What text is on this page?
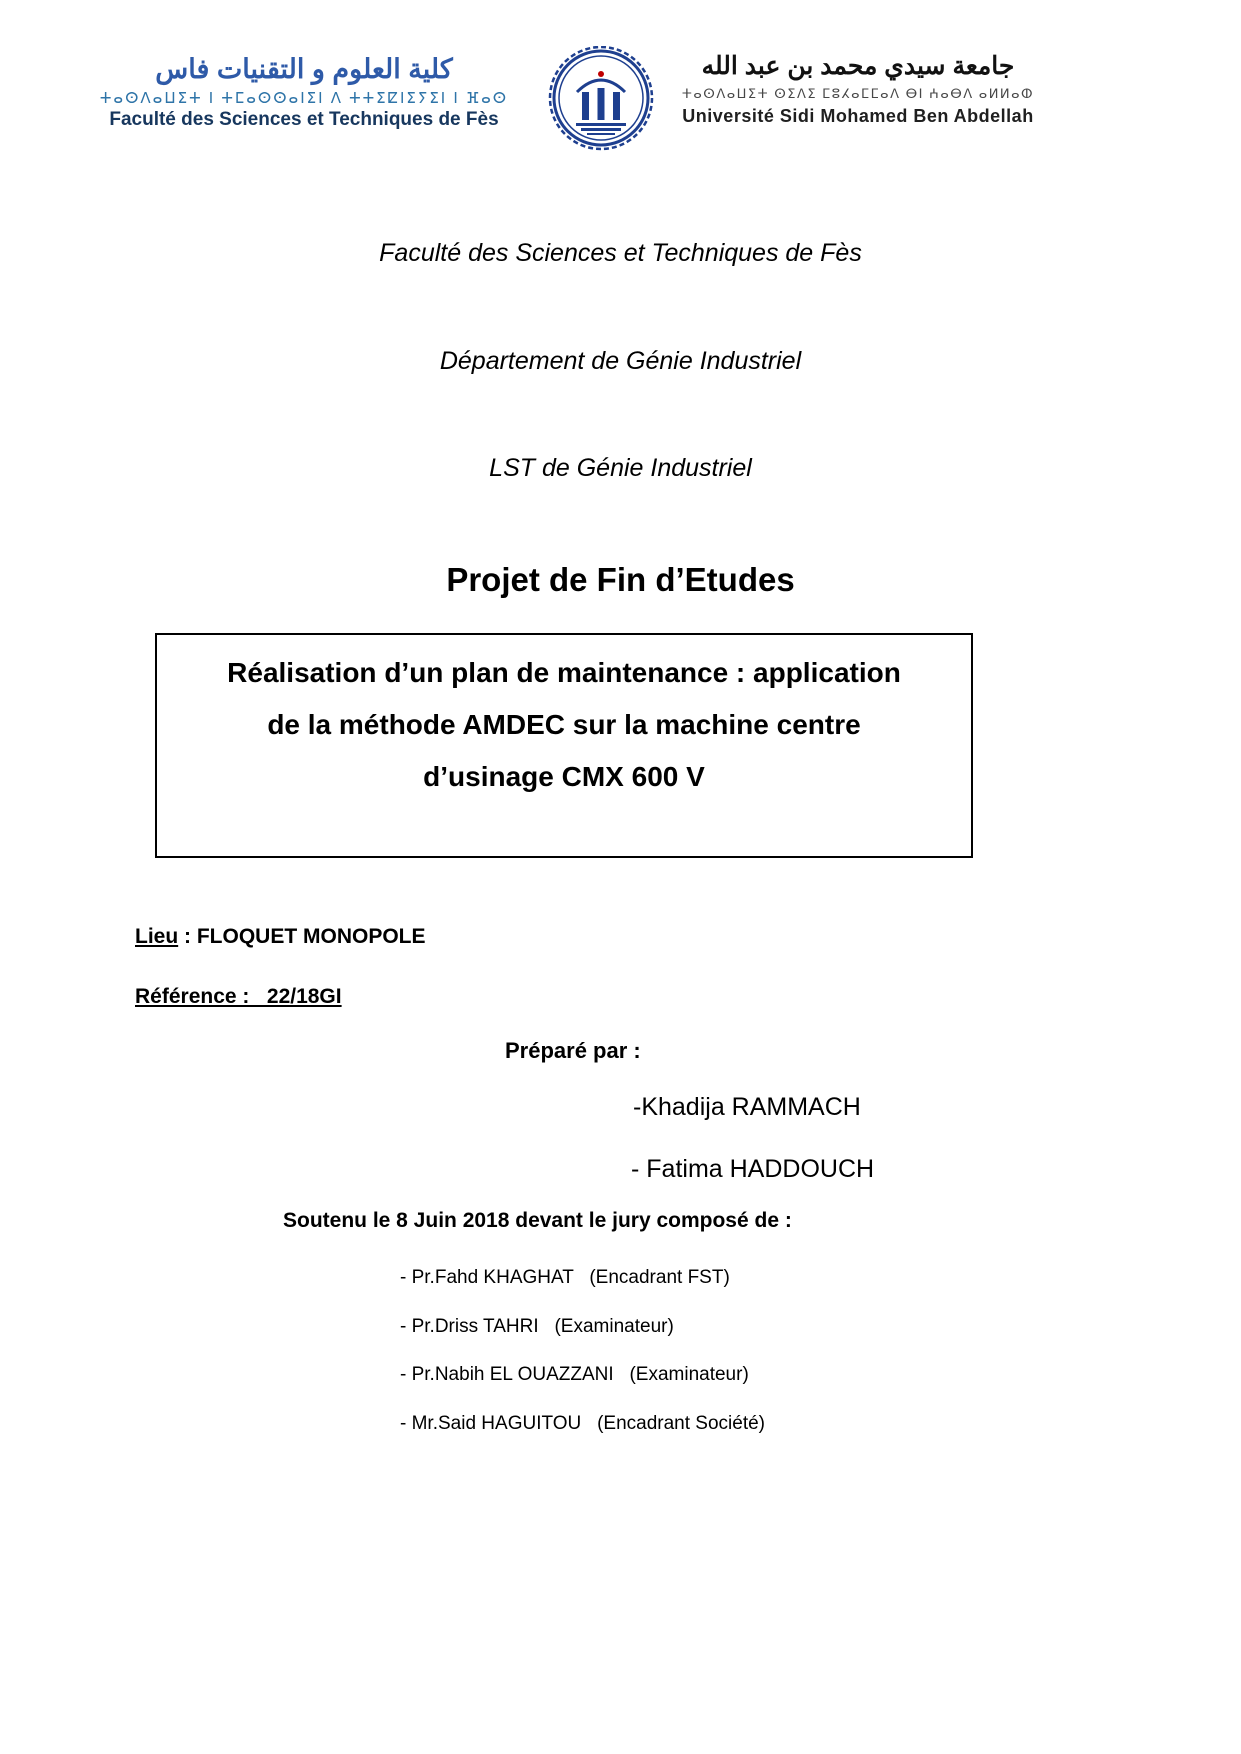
كلية العلوم و التقنيات فاس
ⵜⴰⵙⴷⴰⵡⵉⵜ ⵏ ⵜⵎⴰⵙⵙⴰⵏⵉⵏ ⴷ ⵜⵜⵉⵇⵏⵉⵢⵉⵏ ⵏ ⴼⴰⵙ
Faculté des Sciences et Techniques de Fès
جامعة سيدي محمد بن عبد الله
ⵜⴰⵙⴷⴰⵡⵉⵜ ⵙⵉⴷⵉ ⵎⵓⵃⴰⵎⵎⴰⴷ ⴱⵏ ⵄⴰⴱⴷ ⴰⵍⵍⴰⵀ
Université Sidi Mohamed Ben Abdellah
Faculté des Sciences et Techniques de Fès
Département de Génie Industriel
LST de Génie Industriel
Projet de Fin d’Etudes
Réalisation d’un plan de maintenance : application
de la méthode AMDEC sur la machine centre
d’usinage CMX 600 V
Lieu : FLOQUET MONOPOLE
Référence :   22/18GI
Préparé par :
-Khadija RAMMACH
- Fatima HADDOUCH
Soutenu le 8 Juin 2018 devant le jury composé de :
- Pr.Fahd KHAGHAT   (Encadrant FST)
- Pr.Driss TAHRI   (Examinateur)
- Pr.Nabih EL OUAZZANI   (Examinateur)
- Mr.Said HAGUITOU   (Encadrant Société)
